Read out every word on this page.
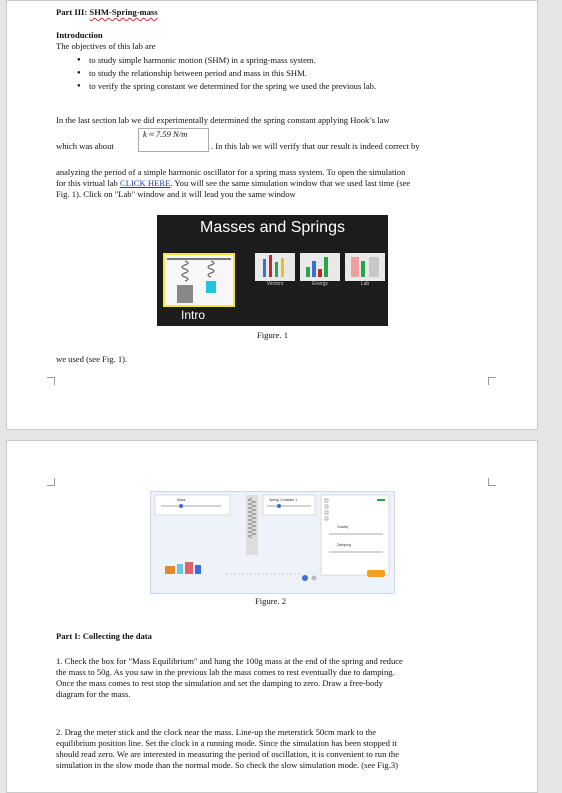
Part III: SHM-Spring-mass
Introduction
The objectives of this lab are
● to study simple harmonic motion (SHM) in a spring-mass system.
● to study the relationship between period and mass in this SHM.
● to verify the spring constant we determined for the spring we used the previous lab.
In the last section lab we did experimentally determined the spring constant applying Hook’s law
which was about
k ≈ 7.59 N/m
. In this lab we will verify that our result is indeed correct by
analyzing the period of a simple harmonic oscillator for a spring mass system. To open the simulation
for this virtual lab CLICK HERE. You will see the same simulation window that we used last time (see
Fig. 1). Click on "Lab" window and it will lead you the same window
Masses and Springs
Intro
Vectors	Energy	Lab
Figure. 1
we used (see Fig. 1).
Mass	Spring Constant 1
Gravity
Damping
Figure. 2
Part I: Collecting the data
1. Check the box for "Mass Equilibrium" and hang the 100g mass at the end of the spring and reduce
the mass to 50g. As you saw in the previous lab the mass comes to rest eventually due to damping.
Once the mass comes to rest stop the simulation and set the damping to zero. Draw a free-body
diagram for the mass.
2. Drag the meter stick and the clock near the mass. Line-up the meterstick 50cm mark to the
equilibrium position line. Set the clock in a running mode. Since the simulation has been stopped it
should read zero. We are interested in measuring the period of oscillation, it is convenient to run the
simulation in the slow mode than the normal mode. So check the slow simulation mode. (see Fig.3)
